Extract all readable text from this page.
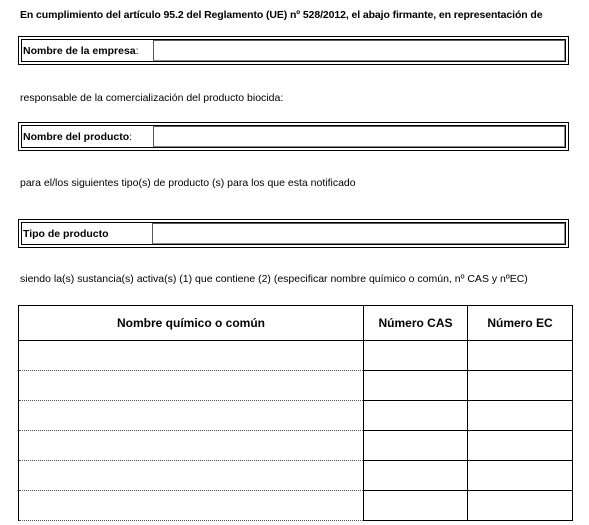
En cumplimiento del artículo 95.2 del Reglamento (UE) nº 528/2012, el abajo firmante, en representación de
Nombre de la empresa :
responsable de la comercialización del producto biocida:
Nombre del producto :
para el/los siguientes tipo(s) de producto (s) para los que esta notificado
Tipo de producto
siendo la(s) sustancia(s) activa(s) (1) que contiene (2) (especificar nombre químico o común, nº CAS y nºEC)
Nombre químico o común	Número CAS	Número EC
